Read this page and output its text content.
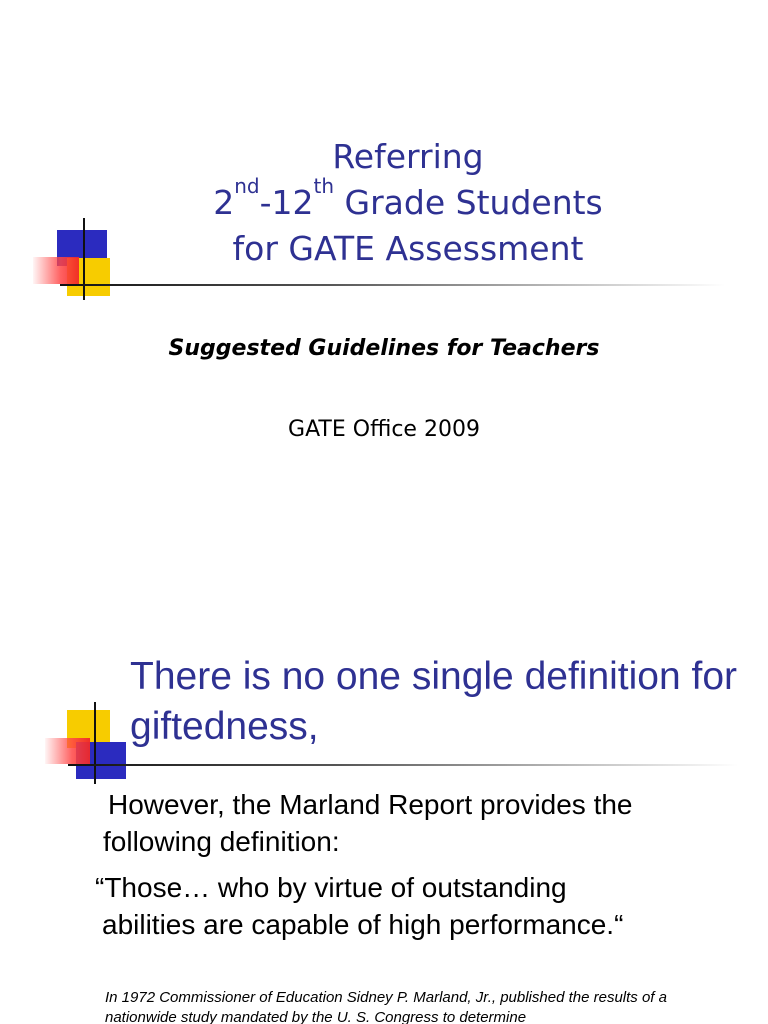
Referring
2nd-12th Grade Students
for GATE Assessment
Suggested Guidelines for Teachers
GATE Office 2009
There is no one single definition for giftedness,
However, the Marland Report provides the following definition:
“Those… who by virtue of outstanding
abilities are capable of high performance.“
In 1972 Commissioner of Education Sidney P. Marland, Jr., published the results of a nationwide study mandated by the U. S. Congress to determine
